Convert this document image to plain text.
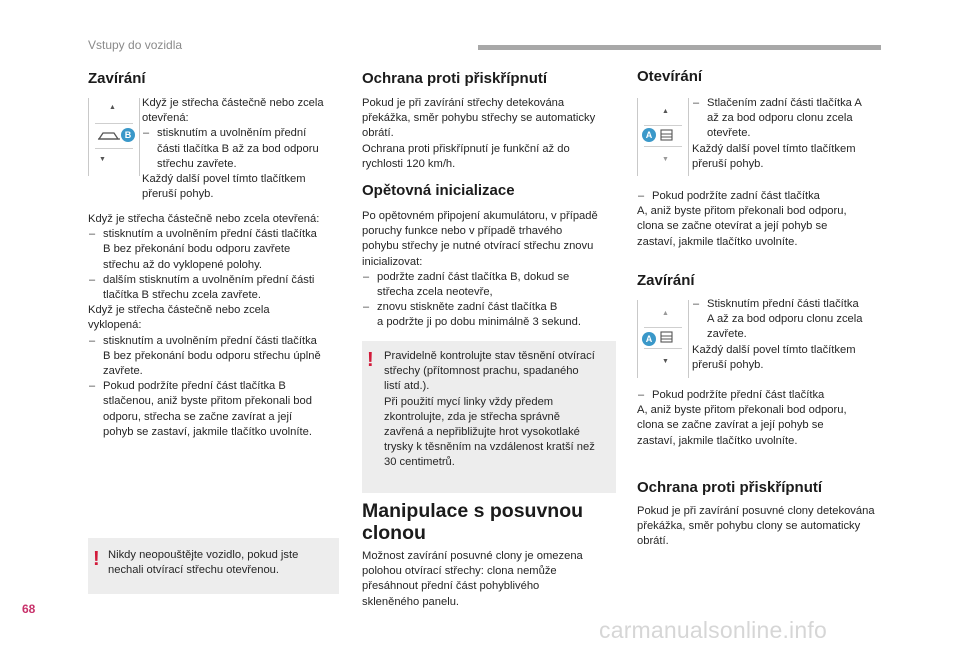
Vstupy do vozidla
68
carmanualsonline.info
Zavírání
▲
▼
B

Když je střecha částečně nebo zcela

otevřená:

– stisknutím a uvolněním přední

části tlačítka B až za bod odporu

střechu zavřete.

Každý další povel tímto tlačítkem

přeruší pohyb.

Když je střecha částečně nebo zcela otevřená:

– stisknutím a uvolněním přední části tlačítka

B bez překonání bodu odporu zavřete

střechu až do vyklopené polohy.

– dalším stisknutím a uvolněním přední části

tlačítka B střechu zcela zavřete.

Když je střecha částečně nebo zcela

vyklopená:

– stisknutím a uvolněním přední části tlačítka

B bez překonání bodu odporu střechu úplně

zavřete.

– Pokud podržíte přední část tlačítka B

stlačenou, aniž byste přitom překonali bod

odporu, střecha se začne zavírat a její

pohyb se zastaví, jakmile tlačítko uvolníte.

! Nikdy neopouštějte vozidlo, pokud jste

nechali otvírací střechu otevřenou.

Ochrana proti přiskřípnutí

Pokud je při zavírání střechy detekována

překážka, směr pohybu střechy se automaticky

obrátí.

Ochrana proti přiskřípnutí je funkční až do

rychlosti 120 km/h.

Opětovná inicializace

Po opětovném připojení akumulátoru, v případě

poruchy funkce nebo v případě trhavého

pohybu střechy je nutné otvírací střechu znovu

inicializovat:

– podržte zadní část tlačítka B, dokud se

střecha zcela neotevře,

– znovu stiskněte zadní část tlačítka B

a podržte ji po dobu minimálně 3 sekund.

! Pravidelně kontrolujte stav těsnění otvírací

střechy (přítomnost prachu, spadaného

listí atd.).

Při použití mycí linky vždy předem

zkontrolujte, zda je střecha správně

zavřená a nepřibližujte hrot vysokotlaké

trysky k těsněním na vzdálenost kratší než

30 centimetrů.

Manipulace s posuvnou
clonou

Možnost zavírání posuvné clony je omezena

polohou otvírací střechy: clona nemůže

přesáhnout přední část pohyblivého

skleněného panelu.

Otevírání
▲
▼
A

– Stlačením zadní části tlačítka A

až za bod odporu clonu zcela

otevřete.

Každý další povel tímto tlačítkem

přeruší pohyb.

– Pokud podržíte zadní část tlačítka

A, aniž byste přitom překonali bod odporu,

clona se začne otevírat a její pohyb se

zastaví, jakmile tlačítko uvolníte.

Zavírání
▲
▼
A

– Stisknutím přední části tlačítka

A až za bod odporu clonu zcela

zavřete.

Každý další povel tímto tlačítkem

přeruší pohyb.

– Pokud podržíte přední část tlačítka

A, aniž byste přitom překonali bod odporu,

clona se začne zavírat a její pohyb se

zastaví, jakmile tlačítko uvolníte.

Ochrana proti přiskřípnutí

Pokud je při zavírání posuvné clony detekována

překážka, směr pohybu clony se automaticky

obrátí.
